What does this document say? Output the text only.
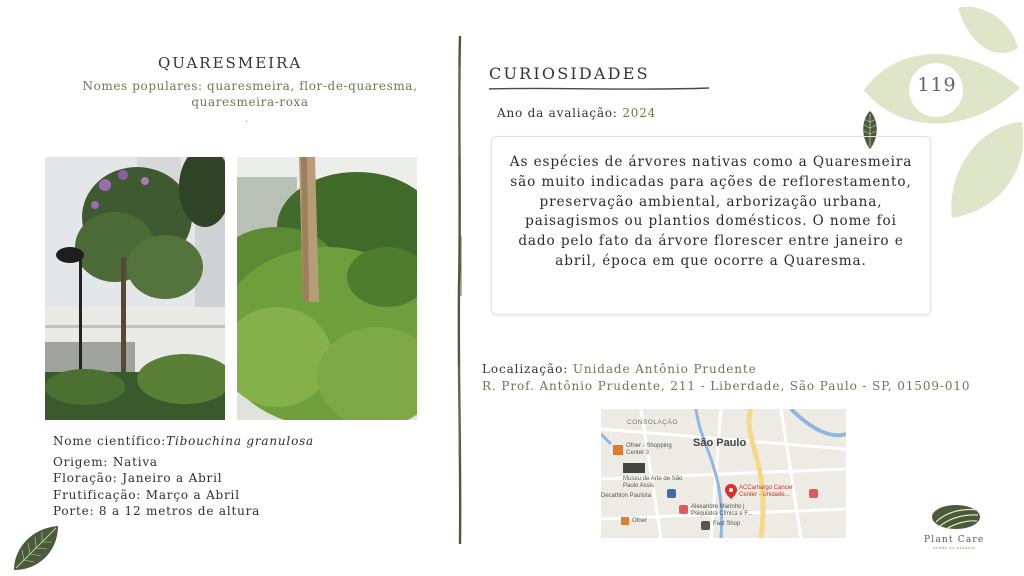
119
QUARESMEIRA
Nomes populares: quaresmeira, flor-de-quaresma, quaresmeira-roxa
.
Nome científico:Tibouchina granulosa
Origem: Nativa
Floração: Janeiro a Abril
Frutificação: Março a Abril
Porte: 8 a 12 metros de altura
CURIOSIDADES
Ano da avaliação: 2024

As espécies de árvores nativas como a Quaresmeira são muito indicadas para ações de reflorestamento, preservação ambiental, arborização urbana, paisagismos ou plantios domésticos. O nome foi dado pelo fato da árvore florescer entre janeiro e abril, época em que ocorre a Quaresma.

Localização: Unidade Antônio Prudente
R. Prof. Antônio Prudente, 211 - Liberdade, São Paulo - SP, 01509-010
CONSOLAÇÃO
São Paulo
Ofner - Shopping Center 3
Museu de Arte de São Paulo Assis
Decathlon Paulista
Alexandre Marinho | Psiquiatra Clínica e F...
ACCamargo Cancer Center - Unidade...
Ofner	Fast Shop
Plant Care
saúde ao planeta
